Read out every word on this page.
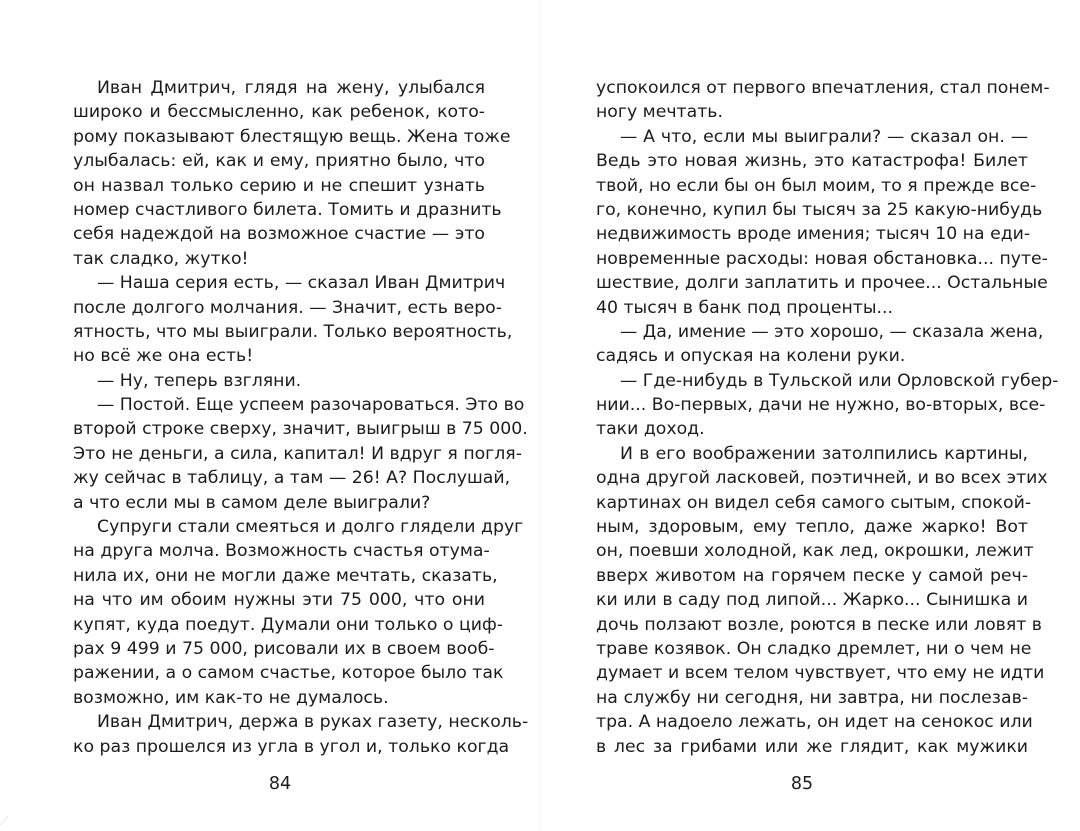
Иван Дмитрич, глядя на жену, улыбался
широко и бессмысленно, как ребенок, кото-
рому показывают блестящую вещь. Жена тоже
улыбалась: ей, как и ему, приятно было, что
он назвал только серию и не спешит узнать
номер счастливого билета. Томить и дразнить
себя надеждой на возможное счастие — это
так сладко, жутко!
— Наша серия есть, — сказал Иван Дмитрич
после долгого молчания. — Значит, есть веро-
ятность, что мы выиграли. Только вероятность,
но всё же она есть!
— Ну, теперь взгляни.
— Постой. Еще успеем разочароваться. Это во
второй строке сверху, значит, выигрыш в 75 000.
Это не деньги, а сила, капитал! И вдруг я погля-
жу сейчас в таблицу, а там — 26! А? Послушай,
а что если мы в самом деле выиграли?
Супруги стали смеяться и долго глядели друг
на друга молча. Возможность счастья отума-
нила их, они не могли даже мечтать, сказать,
на что им обоим нужны эти 75 000, что они
купят, куда поедут. Думали они только о циф-
рах 9 499 и 75 000, рисовали их в своем вооб-
ражении, а о самом счастье, которое было так
возможно, им как-то не думалось.
Иван Дмитрич, держа в руках газету, несколь-
ко раз прошелся из угла в угол и, только когда
84
успокоился от первого впечатления, стал понем-
ногу мечтать.
— А что, если мы выиграли? — сказал он. —
Ведь это новая жизнь, это катастрофа! Билет
твой, но если бы он был моим, то я прежде все-
го, конечно, купил бы тысяч за 25 какую-нибудь
недвижимость вроде имения; тысяч 10 на еди-
новременные расходы: новая обстановка... путе-
шествие, долги заплатить и прочее... Остальные
40 тысяч в банк под проценты...
— Да, имение — это хорошо, — сказала жена,
садясь и опуская на колени руки.
— Где-нибудь в Тульской или Орловской губер-
нии... Во-первых, дачи не нужно, во-вторых, все-
таки доход.
И в его воображении затолпились картины,
одна другой ласковей, поэтичней, и во всех этих
картинах он видел себя самого сытым, спокой-
ным, здоровым, ему тепло, даже жарко! Вот
он, поевши холодной, как лед, окрошки, лежит
вверх животом на горячем песке у самой реч-
ки или в саду под липой... Жарко... Сынишка и
дочь ползают возле, роются в песке или ловят в
траве козявок. Он сладко дремлет, ни о чем не
думает и всем телом чувствует, что ему не идти
на службу ни сегодня, ни завтра, ни послезав-
тра. А надоело лежать, он идет на сенокос или
в лес за грибами или же глядит, как мужики
85
⟋
